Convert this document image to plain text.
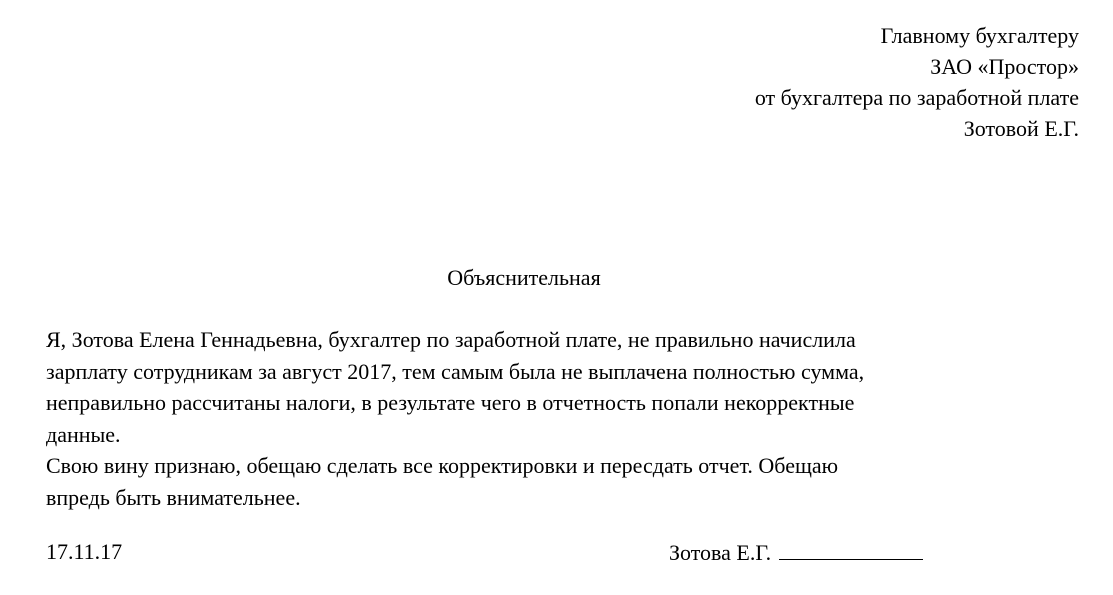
Главному бухгалтеру
ЗАО «Простор»
от бухгалтера по заработной плате
Зотовой Е.Г.
Объяснительная
Я, Зотова Елена Геннадьевна, бухгалтер по заработной плате, не правильно начислила
зарплату сотрудникам за август 2017, тем самым была не выплачена полностью сумма,
неправильно рассчитаны налоги, в результате чего в отчетность попали некорректные
данные.
Свою вину признаю, обещаю сделать все корректировки и пересдать отчет. Обещаю
впредь быть внимательнее.
17.11.17	Зотова Е.Г.
